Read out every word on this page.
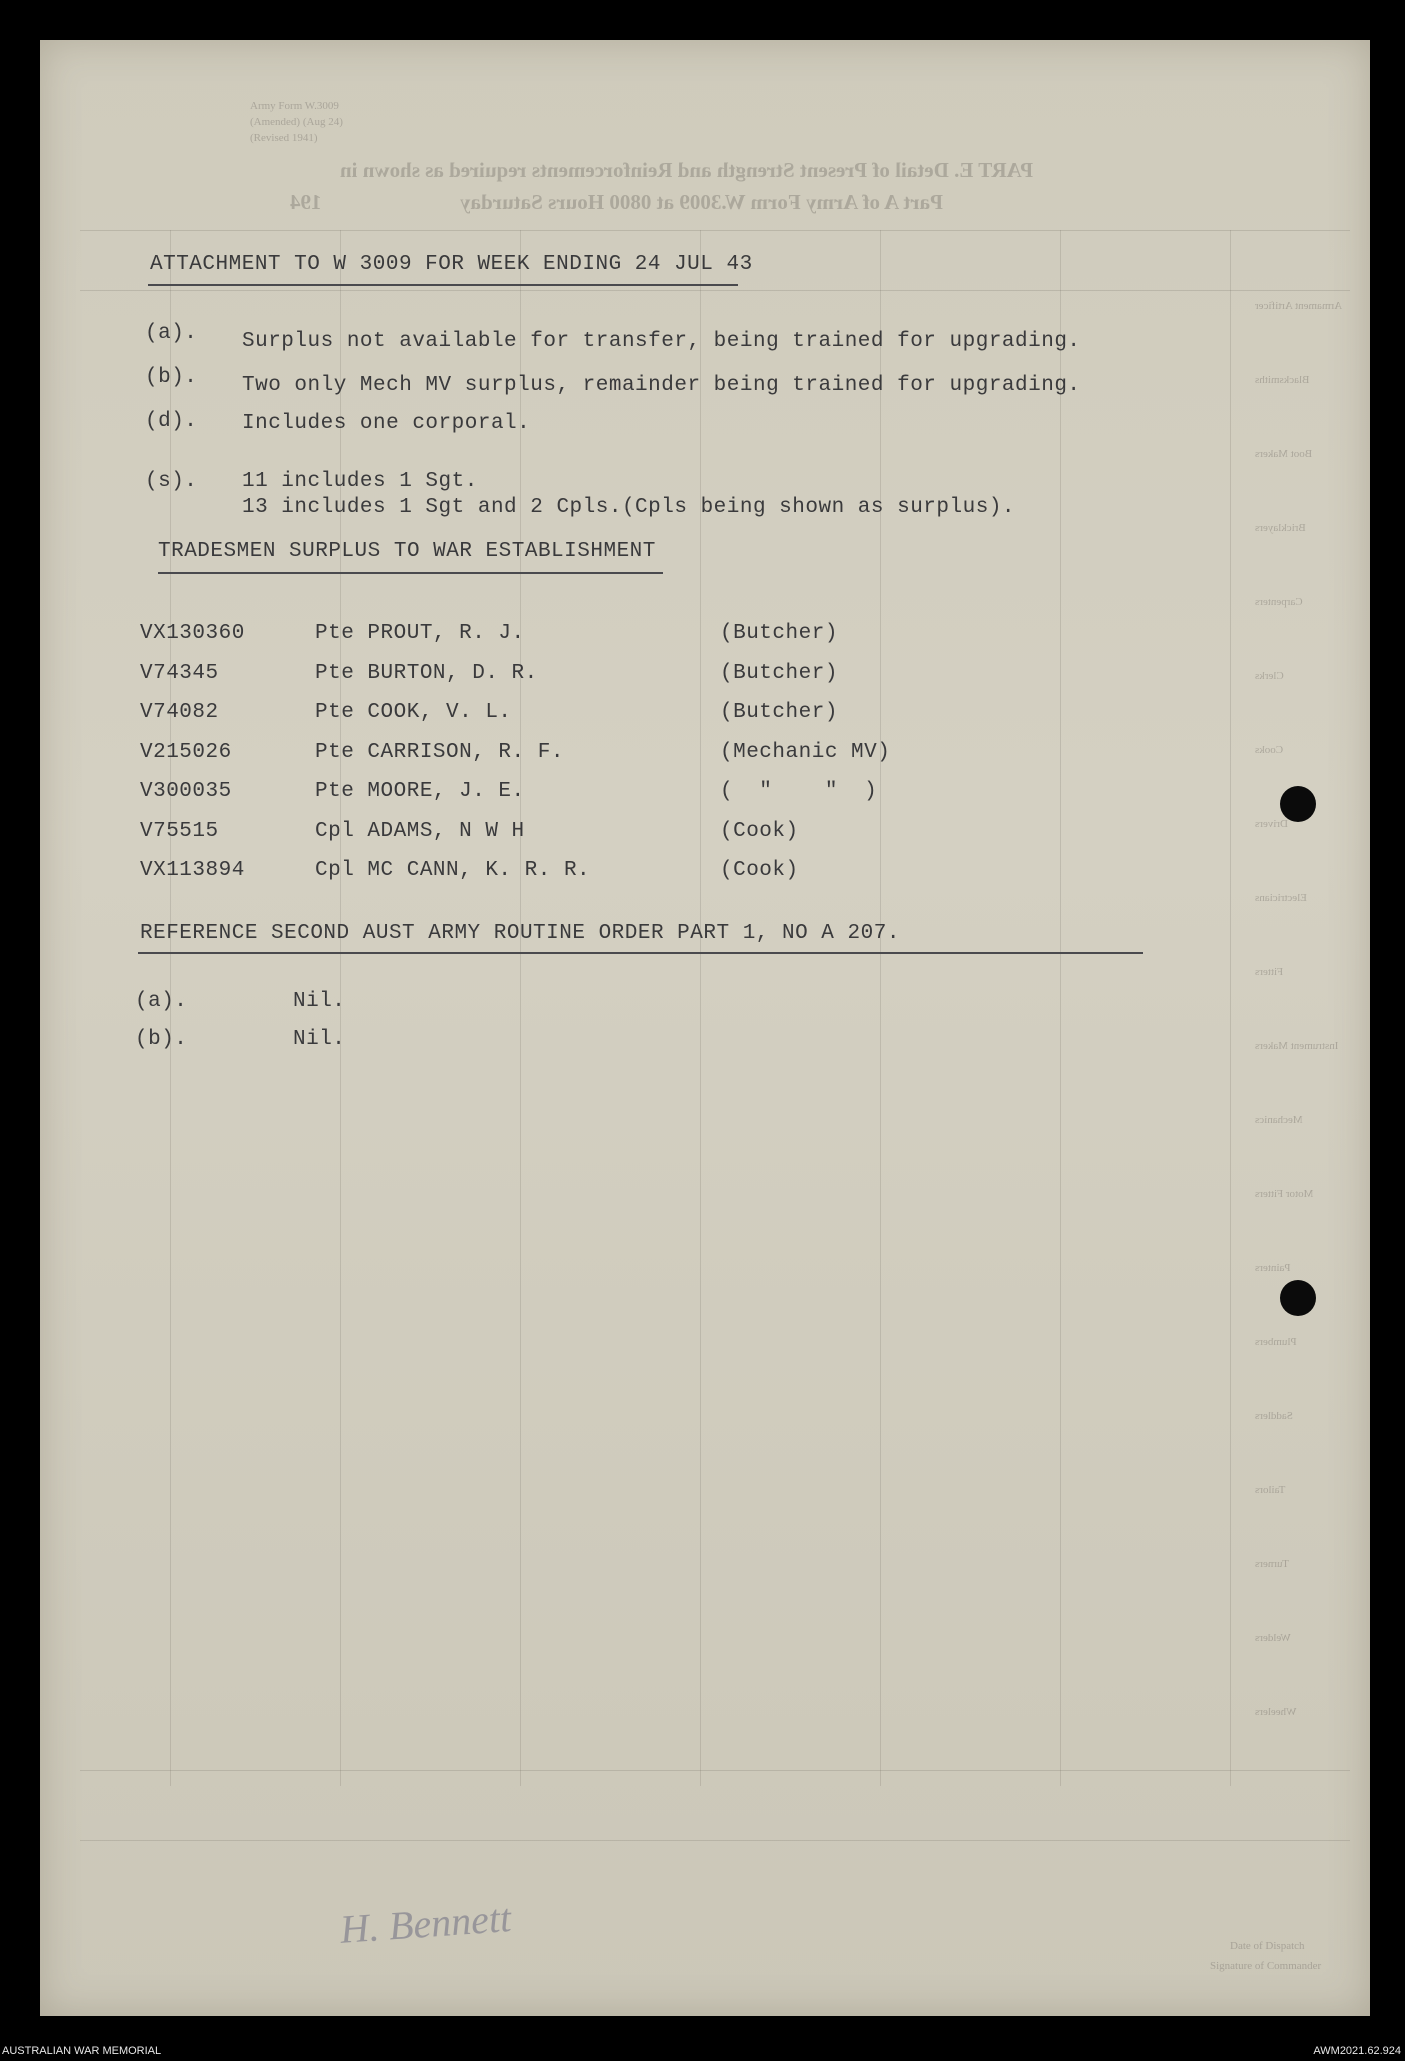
Army Form W.3009
(Amended) (Aug 24)
(Revised 1941)
PART E. Detail of Present Strength and Reinforcements required as shown in
Part A of Army Form W.3009 at 0800 Hours Saturday
Armament Artificer
Blacksmiths
Boot Makers
Bricklayers
Carpenters
Clerks
Cooks
Drivers
Electricians
Fitters
Instrument Makers
Mechanics
Motor Fitters
Painters
Plumbers
Saddlers
Tailors
Turners
Welders
Wheelers
194
Signature of Commander
Date of Dispatch
ATTACHMENT TO W 3009 FOR WEEK ENDING 24 JUL 43
(a). Surplus not available for transfer, being trained for upgrading.
(b). Two only Mech MV surplus, remainder being trained for upgrading.
(d). Includes one corporal.
(s). 11 includes 1 Sgt.
13 includes 1 Sgt and 2 Cpls.(Cpls being shown as surplus).
TRADESMEN SURPLUS TO WAR ESTABLISHMENT
VX130360	Pte PROUT, R. J.	(Butcher)
V74345	Pte BURTON, D. R.	(Butcher)
V74082	Pte COOK, V. L.	(Butcher)
V215026	Pte CARRISON, R. F.	(Mechanic MV)
V300035	Pte MOORE, J. E.	(  "    "  )
V75515	Cpl ADAMS, N W H	(Cook)
VX113894	Cpl MC CANN, K. R. R.	(Cook)
REFERENCE SECOND AUST ARMY ROUTINE ORDER PART 1, NO A 207.
(a).	Nil.
(b).	Nil.
H. Bennett
AUSTRALIAN WAR MEMORIAL	AWM2021.62.924
